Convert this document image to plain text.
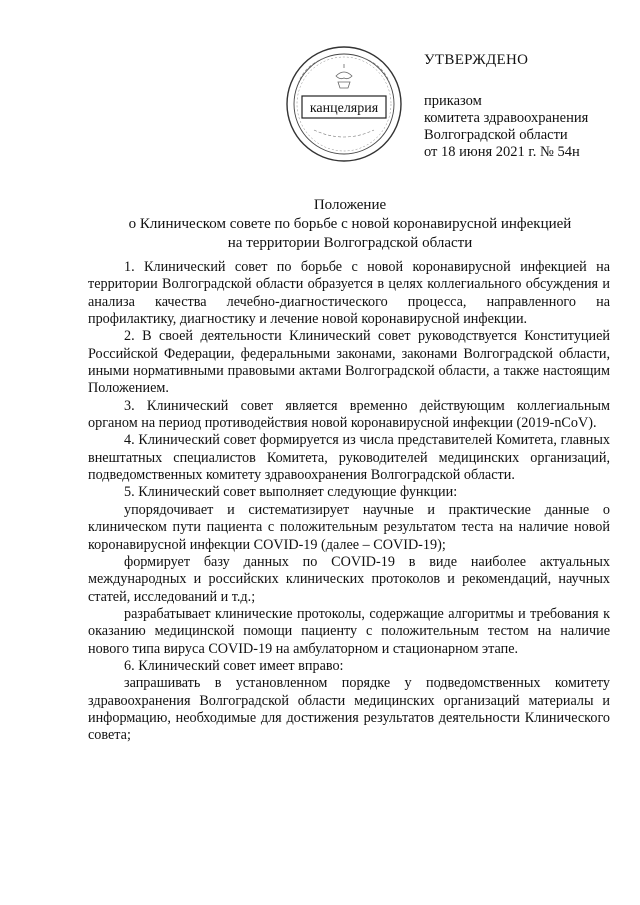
канцелярия
УТВЕРЖДЕНО
приказом
комитета здравоохранения
Волгоградской области
от 18 июня 2021 г. № 54н
Положение
о Клиническом совете по борьбе с новой коронавирусной инфекцией
на территории Волгоградской области

1. Клинический совет по борьбе с новой коронавирусной инфекцией на территории Волгоградской области образуется в целях коллегиального обсуждения и анализа качества лечебно-диагностического процесса, направленного на профилактику, диагностику и лечение новой коронавирусной инфекции.

2. В своей деятельности Клинический совет руководствуется Конституцией Российской Федерации, федеральными законами, законами Волгоградской области, иными нормативными правовыми актами Волгоградской области, а также настоящим Положением.

3. Клинический совет является временно действующим коллегиальным органом на период противодействия новой коронавирусной инфекции (2019-nCoV).

4. Клинический совет формируется из числа представителей Комитета, главных внештатных специалистов Комитета, руководителей медицинских организаций, подведомственных комитету здравоохранения Волгоградской области.

5. Клинический совет выполняет следующие функции:

упорядочивает и систематизирует научные и практические данные о клиническом пути пациента с положительным результатом теста на наличие новой коронавирусной инфекции COVID-19 (далее – COVID-19);

формирует базу данных по COVID-19 в виде наиболее актуальных международных и российских клинических протоколов и рекомендаций, научных статей, исследований и т.д.;

разрабатывает клинические протоколы, содержащие алгоритмы и требования к оказанию медицинской помощи пациенту с положительным тестом на наличие нового типа вируса COVID-19 на амбулаторном и стационарном этапе.

6. Клинический совет имеет вправо:

запрашивать в установленном порядке у подведомственных комитету здравоохранения Волгоградской области медицинских организаций материалы и информацию, необходимые для достижения результатов деятельности Клинического совета;
